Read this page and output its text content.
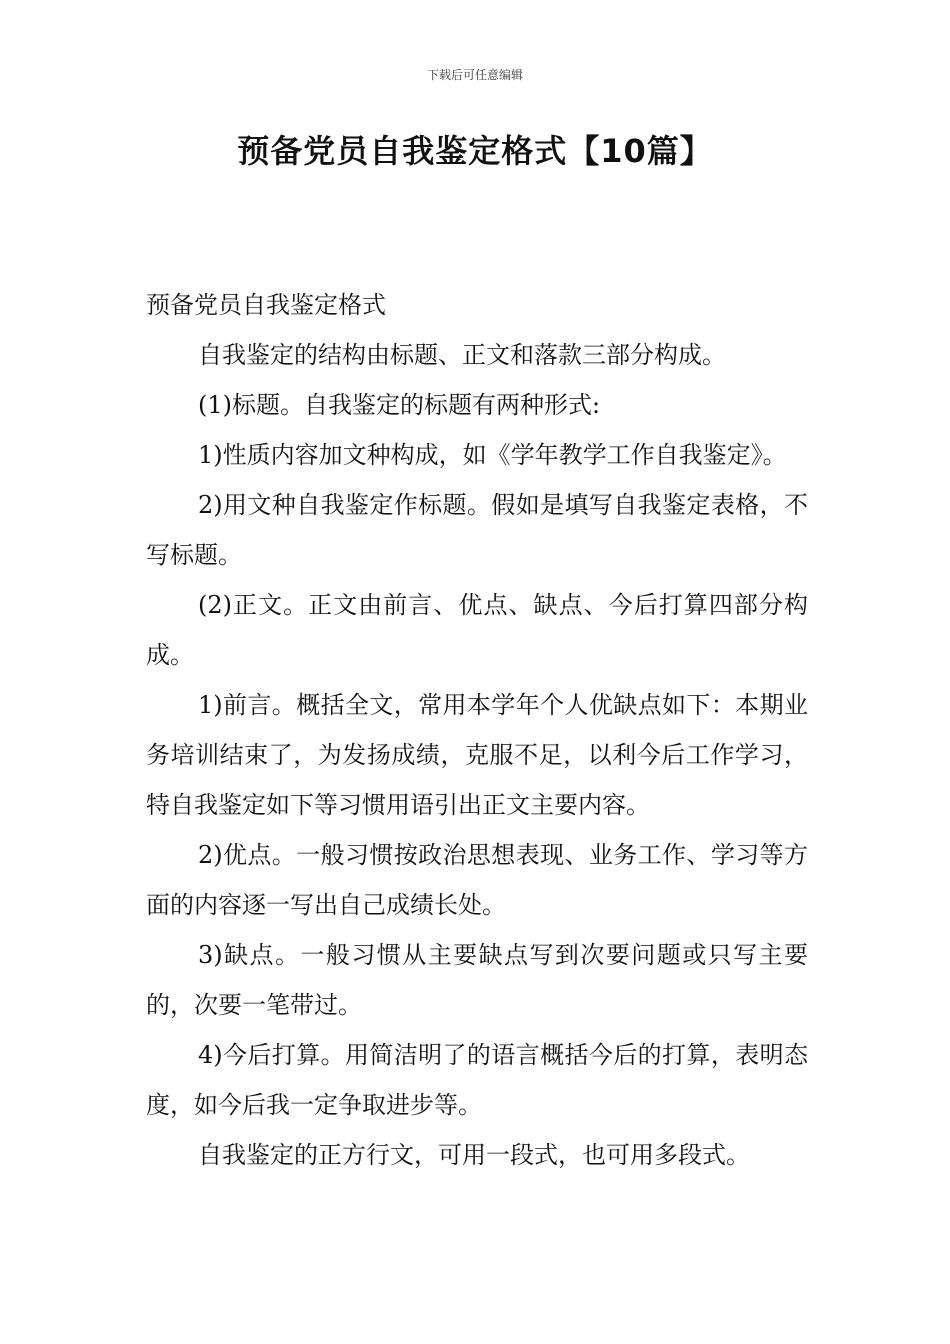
下载后可任意编辑
预备党员自我鉴定格式【10篇】

预备党员自我鉴定格式

自我鉴定的结构由标题、正文和落款三部分构成。

(1)标题。自我鉴定的标题有两种形式:

1)性质内容加文种构成，如《学年教学工作自我鉴定》。

2)用文种自我鉴定作标题。假如是填写自我鉴定表格，不写标题。

(2)正文。正文由前言、优点、缺点、今后打算四部分构成。

1)前言。概括全文，常用本学年个人优缺点如下：本期业务培训结束了，为发扬成绩，克服不足，以利今后工作学习，特自我鉴定如下等习惯用语引出正文主要内容。

2)优点。一般习惯按政治思想表现、业务工作、学习等方面的内容逐一写出自己成绩长处。

3)缺点。一般习惯从主要缺点写到次要问题或只写主要的，次要一笔带过。

4)今后打算。用简洁明了的语言概括今后的打算，表明态度，如今后我一定争取进步等。

自我鉴定的正方行文，可用一段式，也可用多段式。
